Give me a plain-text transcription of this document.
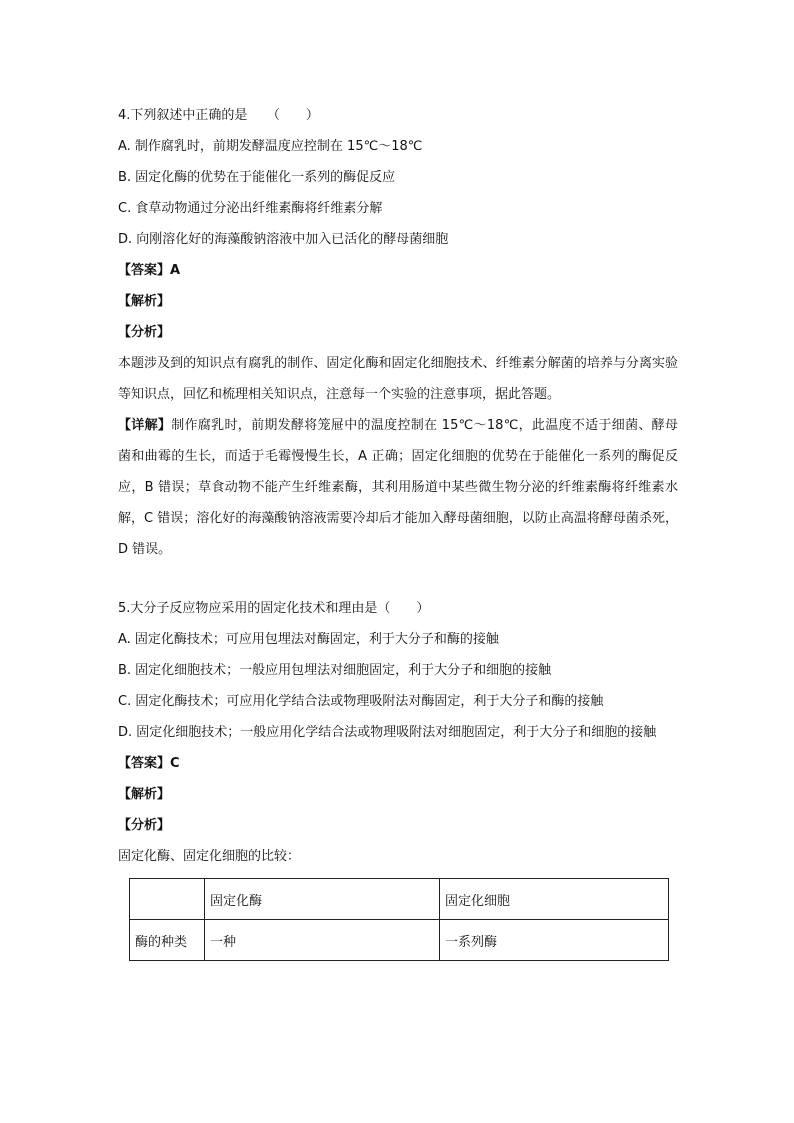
4.下列叙述中正确的是　　（　　）
A. 制作腐乳时，前期发酵温度应控制在 15℃～18℃
B. 固定化酶的优势在于能催化一系列的酶促反应
C. 食草动物通过分泌出纤维素酶将纤维素分解
D. 向刚溶化好的海藻酸钠溶液中加入已活化的酵母菌细胞
【答案】A
【解析】
【分析】
本题涉及到的知识点有腐乳的制作、固定化酶和固定化细胞技术、纤维素分解菌的培养与分离实验等知识点，回忆和梳理相关知识点，注意每一个实验的注意事项，据此答题。
【详解】制作腐乳时，前期发酵将笼屉中的温度控制在 15℃～18℃，此温度不适于细菌、酵母菌和曲霉的生长，而适于毛霉慢慢生长，A 正确；固定化细胞的优势在于能催化一系列的酶促反应，B 错误；草食动物不能产生纤维素酶，其利用肠道中某些微生物分泌的纤维素酶将纤维素水解，C 错误；溶化好的海藻酸钠溶液需要冷却后才能加入酵母菌细胞，以防止高温将酵母菌杀死，D 错误。
5.大分子反应物应采用的固定化技术和理由是（　　）
A. 固定化酶技术；可应用包埋法对酶固定，利于大分子和酶的接触
B. 固定化细胞技术；一般应用包埋法对细胞固定，利于大分子和细胞的接触
C. 固定化酶技术；可应用化学结合法或物理吸附法对酶固定，利于大分子和酶的接触
D. 固定化细胞技术；一般应用化学结合法或物理吸附法对细胞固定，利于大分子和细胞的接触
【答案】C
【解析】
【分析】
固定化酶、固定化细胞的比较：
	固定化酶	固定化细胞
酶的种类	一种	一系列酶
